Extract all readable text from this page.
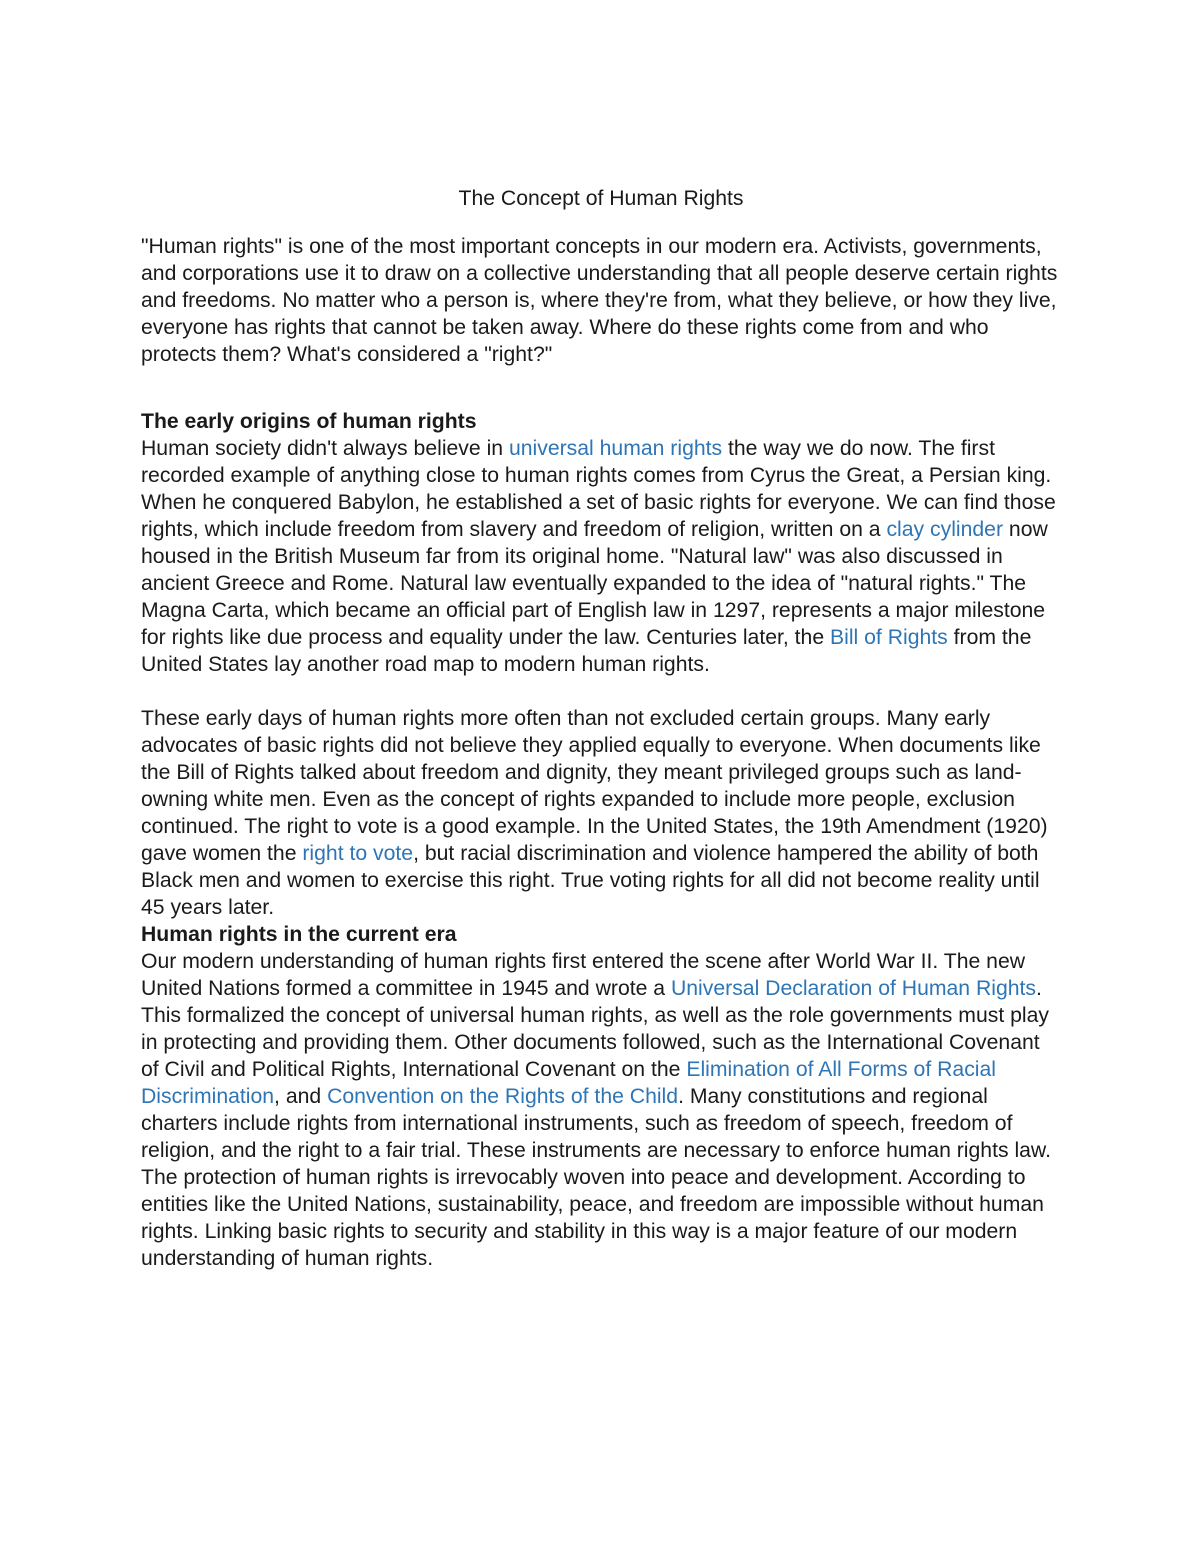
The Concept of Human Rights

"Human rights" is one of the most important concepts in our modern era. Activists, governments, and corporations use it to draw on a collective understanding that all people deserve certain rights and freedoms. No matter who a person is, where they're from, what they believe, or how they live, everyone has rights that cannot be taken away. Where do these rights come from and who protects them? What's considered a "right?"

The early origins of human rights

Human society didn't always believe in universal human rights the way we do now. The first recorded example of anything close to human rights comes from Cyrus the Great, a Persian king. When he conquered Babylon, he established a set of basic rights for everyone. We can find those rights, which include freedom from slavery and freedom of religion, written on a clay cylinder now housed in the British Museum far from its original home. "Natural law" was also discussed in ancient Greece and Rome. Natural law eventually expanded to the idea of "natural rights." The Magna Carta, which became an official part of English law in 1297, represents a major milestone for rights like due process and equality under the law. Centuries later, the Bill of Rights from the United States lay another road map to modern human rights.

These early days of human rights more often than not excluded certain groups. Many early advocates of basic rights did not believe they applied equally to everyone. When documents like the Bill of Rights talked about freedom and dignity, they meant privileged groups such as land-owning white men. Even as the concept of rights expanded to include more people, exclusion continued. The right to vote is a good example. In the United States, the 19th Amendment (1920) gave women the right to vote, but racial discrimination and violence hampered the ability of both Black men and women to exercise this right. True voting rights for all did not become reality until 45 years later.

Human rights in the current era

Our modern understanding of human rights first entered the scene after World War II. The new United Nations formed a committee in 1945 and wrote a Universal Declaration of Human Rights. This formalized the concept of universal human rights, as well as the role governments must play in protecting and providing them. Other documents followed, such as the International Covenant of Civil and Political Rights, International Covenant on the Elimination of All Forms of Racial Discrimination, and Convention on the Rights of the Child. Many constitutions and regional charters include rights from international instruments, such as freedom of speech, freedom of religion, and the right to a fair trial. These instruments are necessary to enforce human rights law.

The protection of human rights is irrevocably woven into peace and development. According to entities like the United Nations, sustainability, peace, and freedom are impossible without human rights. Linking basic rights to security and stability in this way is a major feature of our modern understanding of human rights.
